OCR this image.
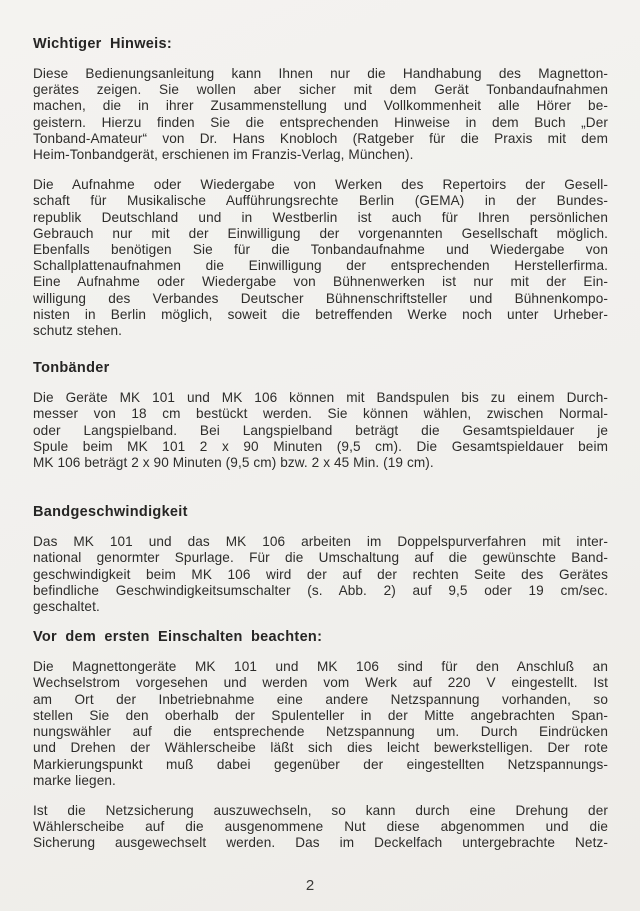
Wichtiger Hinweis:
Diese Bedienungsanleitung kann Ihnen nur die Handhabung des Magnetton-
gerätes zeigen. Sie wollen aber sicher mit dem Gerät Tonbandaufnahmen
machen, die in ihrer Zusammenstellung und Vollkommenheit alle Hörer be-
geistern. Hierzu finden Sie die entsprechenden Hinweise in dem Buch „Der
Tonband-Amateur“ von Dr. Hans Knobloch (Ratgeber für die Praxis mit dem
Heim-Tonbandgerät, erschienen im Franzis-Verlag, München).
Die Aufnahme oder Wiedergabe von Werken des Repertoirs der Gesell-
schaft für Musikalische Aufführungsrechte Berlin (GEMA) in der Bundes-
republik Deutschland und in Westberlin ist auch für Ihren persönlichen
Gebrauch nur mit der Einwilligung der vorgenannten Gesellschaft möglich.
Ebenfalls benötigen Sie für die Tonbandaufnahme und Wiedergabe von
Schallplattenaufnahmen die Einwilligung der entsprechenden Herstellerfirma.
Eine Aufnahme oder Wiedergabe von Bühnenwerken ist nur mit der Ein-
willigung des Verbandes Deutscher Bühnenschriftsteller und Bühnenkompo-
nisten in Berlin möglich, soweit die betreffenden Werke noch unter Urheber-
schutz stehen.
Tonbänder
Die Geräte MK 101 und MK 106 können mit Bandspulen bis zu einem Durch-
messer von 18 cm bestückt werden. Sie können wählen, zwischen Normal-
oder Langspielband. Bei Langspielband beträgt die Gesamtspieldauer je
Spule beim MK 101 2 x 90 Minuten (9,5 cm). Die Gesamtspieldauer beim
MK 106 beträgt 2 x 90 Minuten (9,5 cm) bzw. 2 x 45 Min. (19 cm).
Bandgeschwindigkeit
Das MK 101 und das MK 106 arbeiten im Doppelspurverfahren mit inter-
national genormter Spurlage. Für die Umschaltung auf die gewünschte Band-
geschwindigkeit beim MK 106 wird der auf der rechten Seite des Gerätes
befindliche Geschwindigkeitsumschalter (s. Abb. 2) auf 9,5 oder 19 cm/sec.
geschaltet.
Vor dem ersten Einschalten beachten:
Die Magnettongeräte MK 101 und MK 106 sind für den Anschluß an
Wechselstrom vorgesehen und werden vom Werk auf 220 V eingestellt. Ist
am Ort der Inbetriebnahme eine andere Netzspannung vorhanden, so
stellen Sie den oberhalb der Spulenteller in der Mitte angebrachten Span-
nungswähler auf die entsprechende Netzspannung um. Durch Eindrücken
und Drehen der Wählerscheibe läßt sich dies leicht bewerkstelligen. Der rote
Markierungspunkt muß dabei gegenüber der eingestellten Netzspannungs-
marke liegen.
Ist die Netzsicherung auszuwechseln, so kann durch eine Drehung der
Wählerscheibe auf die ausgenommene Nut diese abgenommen und die
Sicherung ausgewechselt werden. Das im Deckelfach untergebrachte Netz-
2
